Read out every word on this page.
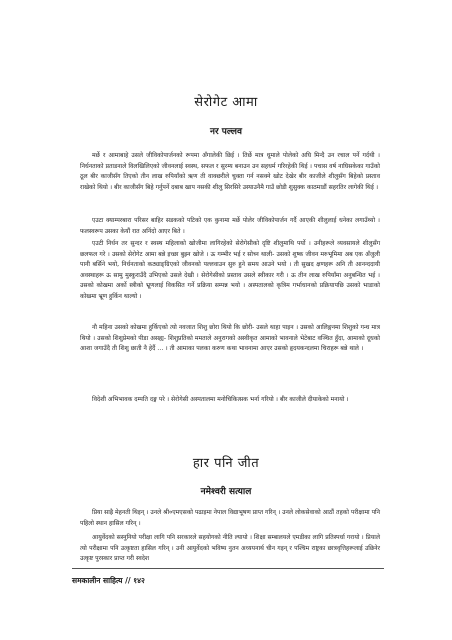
सेरोगेट आमा
नर पल्लव

मर्छे र आमाबाहे उसले जीविकोपार्जनको रूपमा अँगालेकी छिई । तिर्छे मात्र धूमाले पोलेको अघि मिन्दै उन रचाल पर्ने गर्दथी । निर्धनताको प्रताडनाले विलखिलिएको जीवनलाई स्वस्थ, सफल र सुरम्य बनाउन उन सहधर्म गरिरहेकी थिई । पचास वर्ष नाघिसकेका गाउँको ठूल बीर काजीसँग तिएको तीन लाख रुपियाँको ऋण ती वाक्छरीले चुक्ता गर्न नसक्ने खोट देखेर बीर काजीले शीलुसँग बिहेको प्रस्ताव राखेको थियो । बीर काजीसँग बिहे गर्नुपर्ने दबाब खाप नसकी शीलु सिरसिरे उस्याउनैमै गाउँ छोडी शुसुक्क काठमाडौं सहरतिर लागेकी थिई ।

एउटा क्याम्परबारा परिसर बाहिर सडकको पटिको एक कुनामा मर्छे पोलेर जीविकोपार्जन गर्दै आएकी शीलुलाई धनेका लगाउँथ्यो । फलस्वरूप उसका केयौं रात अनिंदो आएर बिते ।

एउटी निर्धन तर सुन्दर र स्वस्थ महिलाको खोजीमा लागिरहेको सेरोगेसीको दृष्टि शीलुमाथि पर्यो । उनीहरूले व्यवसायले शीलुसँग छलफल गरे । उसको सेरोगेट आमा बन्ने इच्छा बुझ्न खोजे । ऊ गम्भीर भई र सोच्न थाली- उसको शुष्क जीवन मरुभूमिमा अब एक अँजुली पानी बर्सिने भयो, निर्धनताको कठ्याङ्ग्रिएको जीवनको पल्लवाउन सुरु हुने समय आउने भयो । ती सुखद क्षणहरू अनि ती आनन्ददायी अवस्थाहरू ऊ सामु मुस्कुराउँदै उभिएको उसले देखी । सेरोगेसीको प्रस्ताव उसले स्वीकार गरी । ऊ तीन लाख रुपियाँमा अनुबन्धित भई । उसको कोखमा अर्को स्त्रीको भ्रूणलाई विकसित गर्ने प्रक्रिया सम्पन्न भयो । अस्पतालको कृत्रिम गर्भाधानको प्रक्रियापछि उसको भाडाको कोखमा भ्रूण हुर्किन थाल्यो ।

नौ महिना उसको कोखमा हुर्किएको त्यो नवजात शिशु छोरा थियो कि छोरी- उसले थाहा पाइन । उसको आलिङ्गनमा शिशुको गन्ध मात्र थियो । उसको शिशुप्रेमको पीडा असह्य- शिशुप्रतिको ममताले अनुरागको अस्वीकृत आमाको भावनाले भेटेबाट वञ्चित हुँदा, आमाको दूधको आशा जगाउँदै ती शिशु छाती नै हेर्दै … । ती आमाका पलका करुण कथा भावनामा आएर उसको हृदयकन्दलमा चिराहरू बन्ने थाले ।

विदेशी अभिभावक दम्पति दङ्ग परे । सेरोगेसी अस्पतालमा मनोचिकित्सक भर्ना गरियो । बीर काजीले दीयाकेको मनायो ।

हार पनि जीत
नमेश्वरी सत्याल

प्रिया साह्रै मेहनती थिइन् । उनले श्री०एमएसको पढाइमा नेपाल विद्याभूषण प्राप्त गरिन् । उनले लोकसेवाको आठौं तहको परीक्षामा पनि पहिलो स्थान हासिल गरिन् ।

आयुर्वेदको सस्नुनियो परीक्षा लागि पनि सरकारले सहयोगको नीति ल्यायो । शिक्षा सम्बालयले एमडीका लागि प्रतिस्पर्धा गरायो । प्रियाले त्यो परीक्षामा पनि उत्कृष्टता हासिल गरिन् । उनी आयुर्वेदको भविष्य नुतन अध्ययनार्थ चीन गइन् र पश्चिम राष्ट्रका छात्रवृत्तिहरूलाई उछिनेर उत्कृष्ट पुरस्कार प्राप्त गरी स्वदेश

समकालीन साहित्य // १४२
